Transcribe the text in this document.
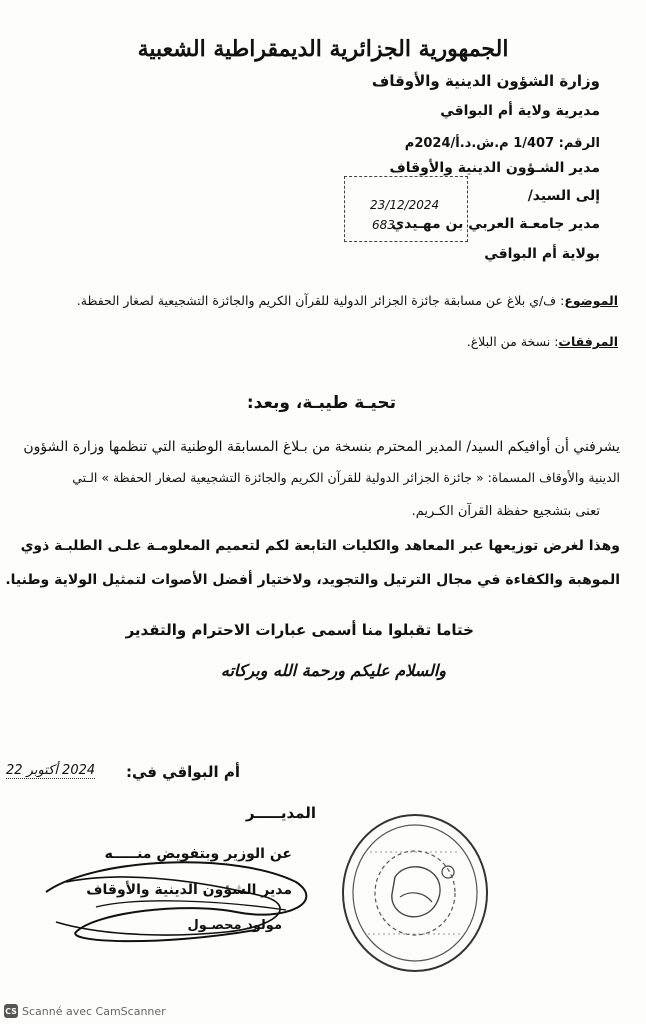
الجمهورية الجزائرية الديمقراطية الشعبية
وزارة الشؤون الدينية والأوقاف
مديرية ولاية أم البواقي
الرقم: 1/407 م.ش.د.أ/2024م
مدير الشـؤون الدينية والأوقاف
إلى السيد/
مدير جامعـة العربي بن مهـيدي
بولاية أم البواقي
23/12/2024
683
الموضوع: ف/ي بلاغ عن مسابقة جائزة الجزائر الدولية للقرآن الكريم والجائزة التشجيعية لصغار الحفظة.
المرفقات: نسخة من البلاغ.
تحيـة طيبـة، وبعد:
يشرفني أن أوافيكم السيد/ المدير المحترم بنسخة من بـلاغ المسابقة الوطنية التي تنظمها وزارة الشؤون
الدينية والأوقاف المسماة: « جائزة الجزائر الدولية للقرآن الكريم والجائزة التشجيعية لصغار الحفظة » الـتي
تعنى بتشجيع حفظة القرآن الكـريم.
وهذا لغرض توزيعها عبر المعاهد والكليات التابعة لكم لتعميم المعلومـة علـى الطلبـة ذوي
الموهبة والكفاءة في مجال الترتيل والتجويد، ولاختيار أفضل الأصوات لتمثيل الولاية وطنيا.
ختاما تقبلوا منا أسمى عبارات الاحترام والتقدير
والسلام عليكم ورحمة الله وبركاته
أم البواقي في:
2024 أكتوبر 22
المديـــــر
عن الوزير وبتفويض منـــــه
مدير الشؤون الدينية والأوقاف
مولود محصـول
CS Scanné avec CamScanner
